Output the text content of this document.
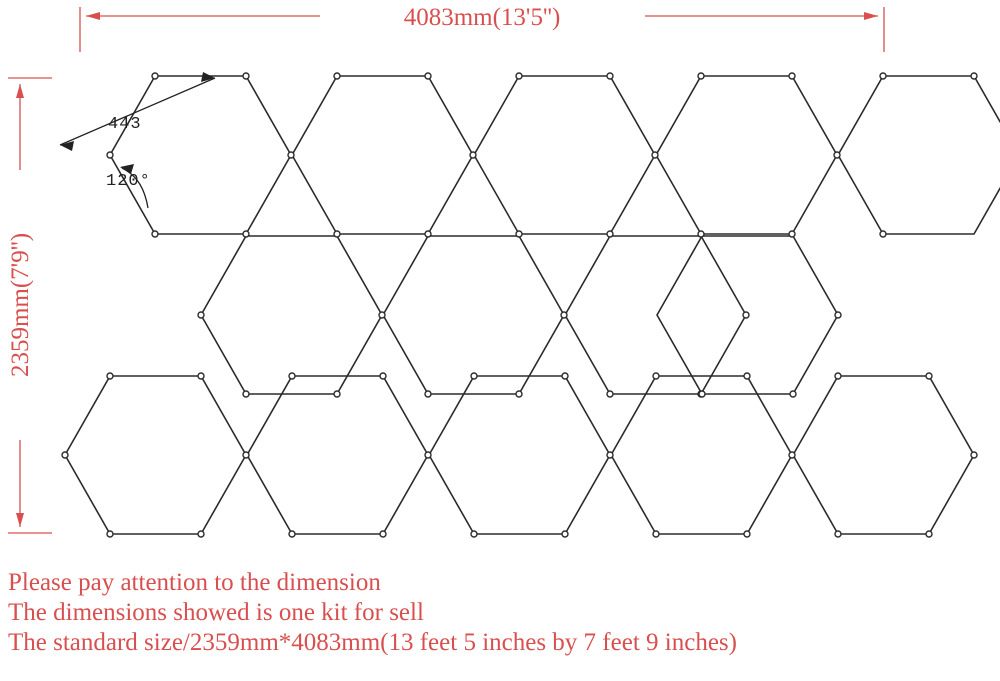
4083mm(13'5'')
2359mm(7'9'')
443
120°
Please pay attention to the dimension
The dimensions showed is one kit for sell
The standard size/2359mm*4083mm(13 feet 5 inches by 7 feet 9 inches)
